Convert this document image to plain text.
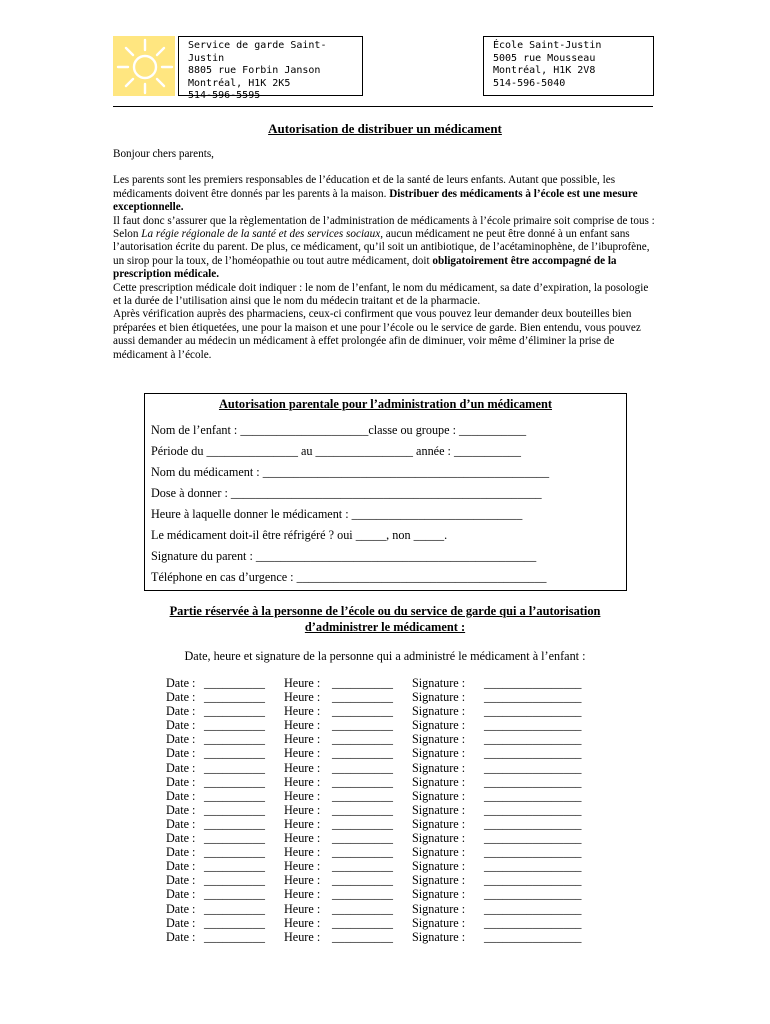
Service de garde Saint-Justin
8805 rue Forbin Janson
Montréal, H1K 2K5
514-596-5595
École Saint-Justin
5005 rue Mousseau
Montréal, H1K 2V8
514-596-5040
Autorisation de distribuer un médicament

Bonjour chers parents,

Les parents sont les premiers responsables de l’éducation et de la santé de leurs enfants. Autant que possible, les médicaments doivent être donnés par les parents à la maison. Distribuer des médicaments à l’école est une mesure exceptionnelle.

Il faut donc s’assurer que la règlementation de l’administration de médicaments à l’école primaire soit comprise de tous :

Selon La régie régionale de la santé et des services sociaux, aucun médicament ne peut être donné à un enfant sans l’autorisation écrite du parent. De plus, ce médicament, qu’il soit un antibiotique, de l’acétaminophène, de l’ibuprofène, un sirop pour la toux, de l’homéopathie ou tout autre médicament, doit obligatoirement être accompagné de la prescription médicale.

Cette prescription médicale doit indiquer : le nom de l’enfant, le nom du médicament, sa date d’expiration, la posologie et la durée de l’utilisation ainsi que le nom du médecin traitant et de la pharmacie.

Après vérification auprès des pharmaciens, ceux-ci confirment que vous pouvez leur demander deux bouteilles bien préparées et bien étiquetées, une pour la maison et une pour l’école ou le service de garde. Bien entendu, vous pouvez aussi demander au médecin un médicament à effet prolongée afin de diminuer, voir même d’éliminer la prise de médicament à l’école.

Autorisation parentale pour l’administration d’un médicament
Nom de l’enfant : _____________________classe ou groupe : ___________
Période du _______________ au ________________ année : ___________
Nom du médicament : _______________________________________________
Dose à donner : ___________________________________________________
Heure à laquelle donner le médicament : ____________________________
Le médicament doit-il être réfrigéré ? oui _____, non _____.
Signature du parent : ______________________________________________
Téléphone en cas d’urgence : _________________________________________
Partie réservée à la personne de l’école ou du service de garde qui a l’autorisation
d’administrer le médicament :
Date, heure et signature de la personne qui a administré le médicament à l’enfant :
Date : __________ Heure : __________ Signature : ________________
Date : __________ Heure : __________ Signature : ________________
Date : __________ Heure : __________ Signature : ________________
Date : __________ Heure : __________ Signature : ________________
Date : __________ Heure : __________ Signature : ________________
Date : __________ Heure : __________ Signature : ________________
Date : __________ Heure : __________ Signature : ________________
Date : __________ Heure : __________ Signature : ________________
Date : __________ Heure : __________ Signature : ________________
Date : __________ Heure : __________ Signature : ________________
Date : __________ Heure : __________ Signature : ________________
Date : __________ Heure : __________ Signature : ________________
Date : __________ Heure : __________ Signature : ________________
Date : __________ Heure : __________ Signature : ________________
Date : __________ Heure : __________ Signature : ________________
Date : __________ Heure : __________ Signature : ________________
Date : __________ Heure : __________ Signature : ________________
Date : __________ Heure : __________ Signature : ________________
Date : __________ Heure : __________ Signature : ________________
